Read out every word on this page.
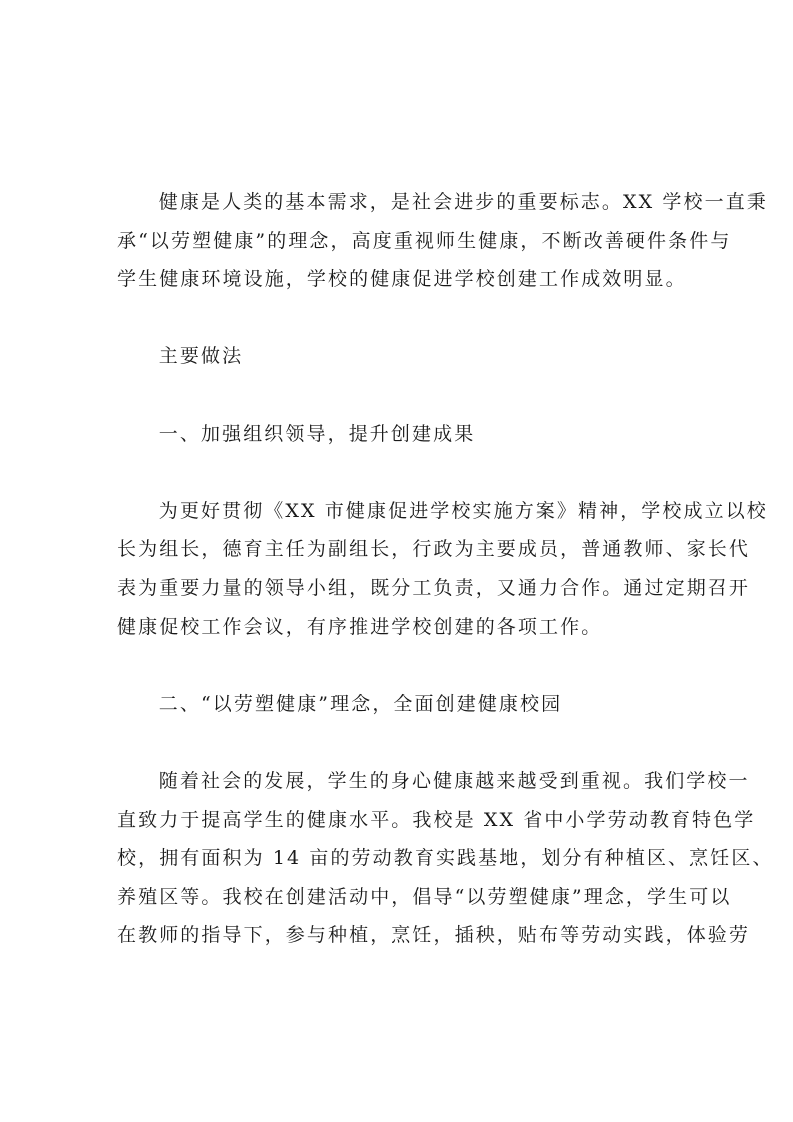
健康是人类的基本需求，是社会进步的重要标志。XX 学校一直秉
承“以劳塑健康”的理念，高度重视师生健康，不断改善硬件条件与
学生健康环境设施，学校的健康促进学校创建工作成效明显。

主要做法

一、加强组织领导，提升创建成果

为更好贯彻《XX 市健康促进学校实施方案》精神，学校成立以校
长为组长，德育主任为副组长，行政为主要成员，普通教师、家长代
表为重要力量的领导小组，既分工负责，又通力合作。通过定期召开
健康促校工作会议，有序推进学校创建的各项工作。

二、“以劳塑健康”理念，全面创建健康校园

随着社会的发展，学生的身心健康越来越受到重视。我们学校一
直致力于提高学生的健康水平。我校是 XX 省中小学劳动教育特色学
校，拥有面积为 14 亩的劳动教育实践基地，划分有种植区、烹饪区、
养殖区等。我校在创建活动中，倡导“以劳塑健康”理念，学生可以
在教师的指导下，参与种植，烹饪，插秧，贴布等劳动实践，体验劳
